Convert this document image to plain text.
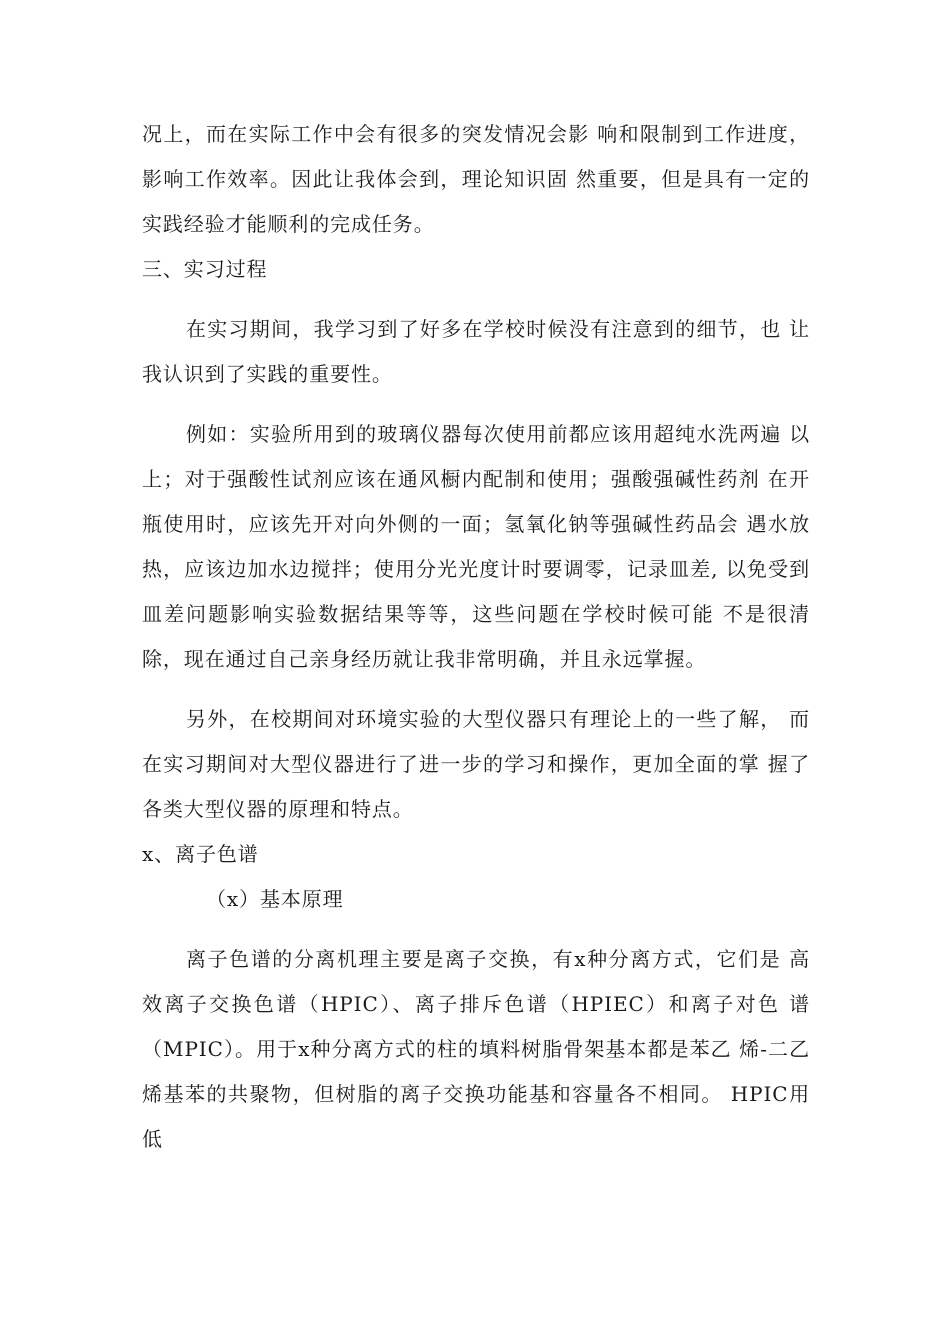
况上，而在实际工作中会有很多的突发情况会影 响和限制到工作进度，影响工作效率。因此让我体会到，理论知识固 然重要，但是具有一定的实践经验才能顺利的完成任务。

三、实习过程

在实习期间，我学习到了好多在学校时候没有注意到的细节，也 让我认识到了实践的重要性。

例如：实验所用到的玻璃仪器每次使用前都应该用超纯水洗两遍 以上；对于强酸性试剂应该在通风橱内配制和使用；强酸强碱性药剂 在开瓶使用时，应该先开对向外侧的一面；氢氧化钠等强碱性药品会 遇水放热，应该边加水边搅拌；使用分光光度计时要调零，记录皿差, 以免受到皿差问题影响实验数据结果等等，这些问题在学校时候可能 不是很清除，现在通过自己亲身经历就让我非常明确，并且永远掌握。

另外，在校期间对环境实验的大型仪器只有理论上的一些了解， 而在实习期间对大型仪器进行了进一步的学习和操作，更加全面的掌 握了各类大型仪器的原理和特点。

x、离子色谱

（x）基本原理

离子色谱的分离机理主要是离子交换，有x种分离方式，它们是 高效离子交换色谱（HPIC）、离子排斥色谱（HPIEC）和离子对色 谱（MPIC）。用于x种分离方式的柱的填料树脂骨架基本都是苯乙 烯-二乙烯基苯的共聚物，但树脂的离子交换功能基和容量各不相同。 HPIC用低
